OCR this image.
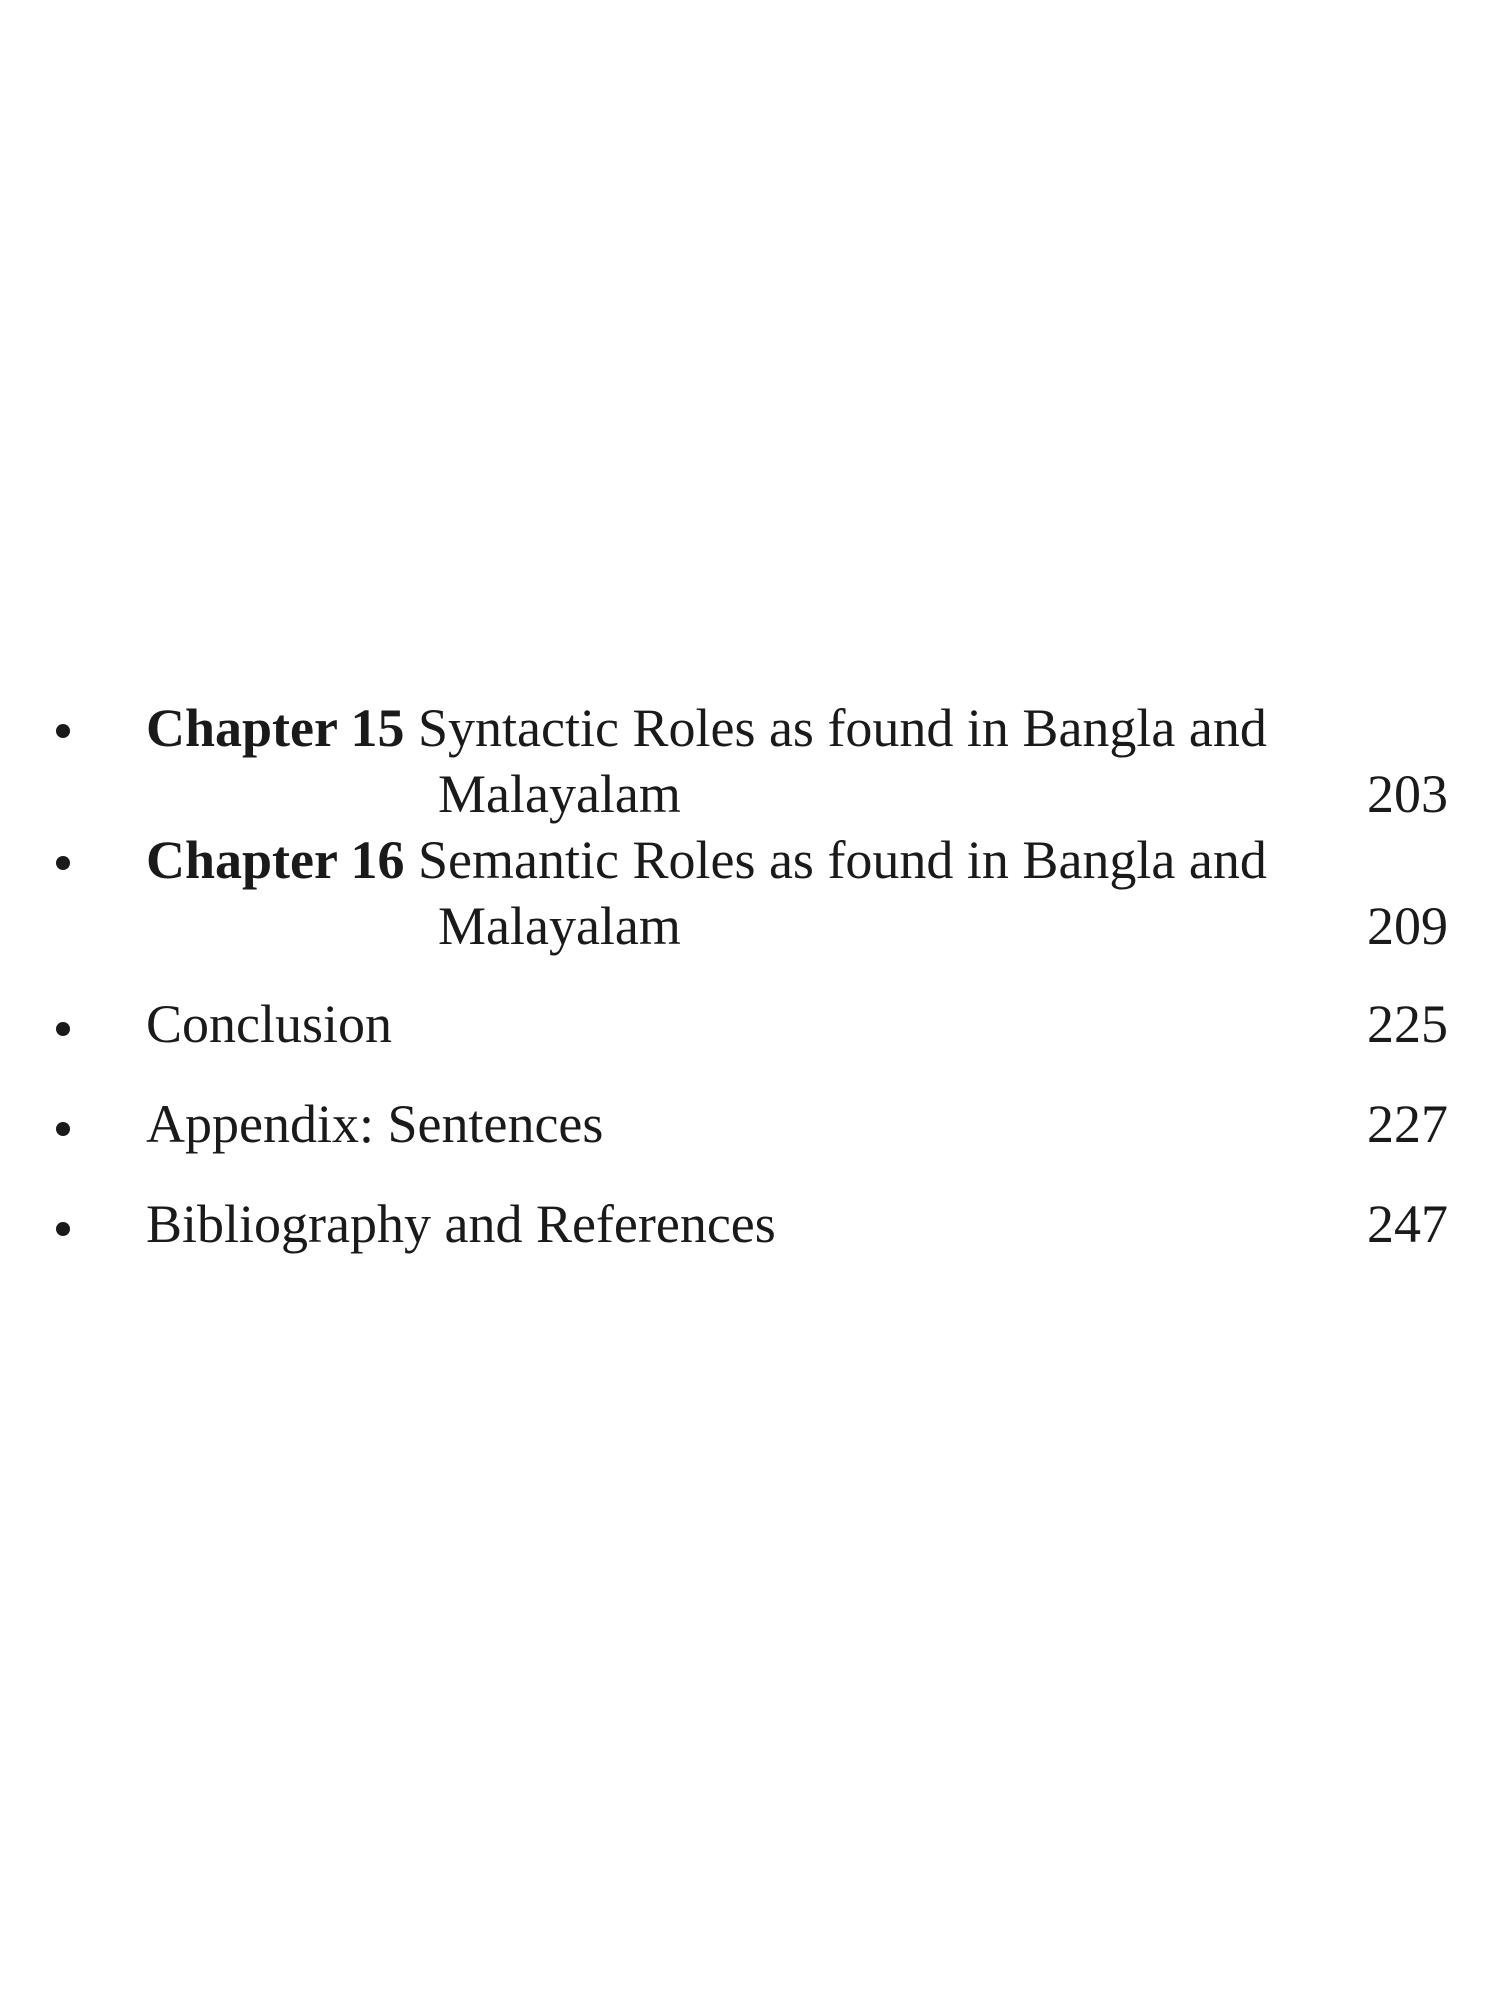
Chapter 15 Syntactic Roles as found in Bangla and
Malayalam	203
Chapter 16 Semantic Roles as found in Bangla and
Malayalam	209
Conclusion	225
Appendix: Sentences	227
Bibliography and References	247
